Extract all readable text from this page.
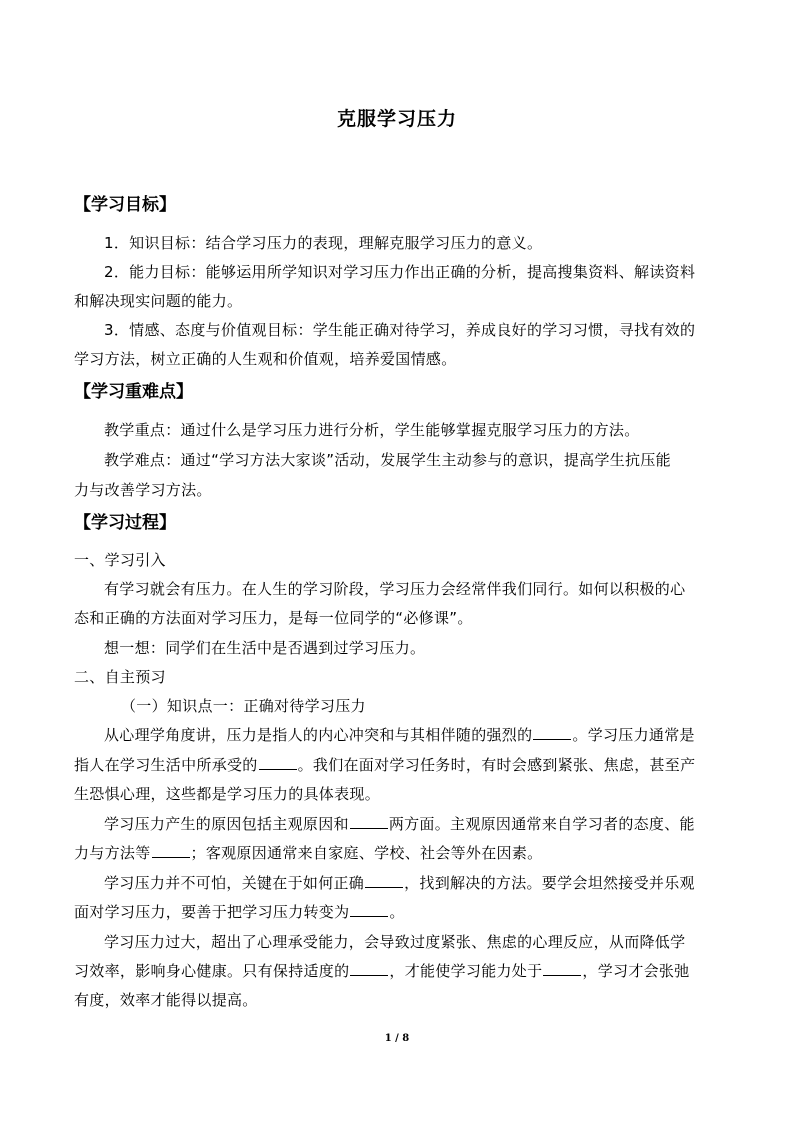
克服学习压力
【学习目标】
1．知识目标：结合学习压力的表现，理解克服学习压力的意义。
2．能力目标：能够运用所学知识对学习压力作出正确的分析，提高搜集资料、解读资料
和解决现实问题的能力。
3．情感、态度与价值观目标：学生能正确对待学习，养成良好的学习习惯，寻找有效的
学习方法，树立正确的人生观和价值观，培养爱国情感。
【学习重难点】
教学重点：通过什么是学习压力进行分析，学生能够掌握克服学习压力的方法。
教学难点：通过“学习方法大家谈”活动，发展学生主动参与的意识，提高学生抗压能
力与改善学习方法。
【学习过程】
一、学习引入
有学习就会有压力。在人生的学习阶段，学习压力会经常伴我们同行。如何以积极的心
态和正确的方法面对学习压力，是每一位同学的“必修课”。
想一想：同学们在生活中是否遇到过学习压力。
二、自主预习
（一）知识点一：正确对待学习压力
从心理学角度讲，压力是指人的内心冲突和与其相伴随的强烈的	。学习压力通常是
指人在学习生活中所承受的	。我们在面对学习任务时，有时会感到紧张、焦虑，甚至产
生恐惧心理，这些都是学习压力的具体表现。
学习压力产生的原因包括主观原因和	两方面。主观原因通常来自学习者的态度、能
力与方法等	；客观原因通常来自家庭、学校、社会等外在因素。
学习压力并不可怕，关键在于如何正确	，找到解决的方法。要学会坦然接受并乐观
面对学习压力，要善于把学习压力转变为	。
学习压力过大，超出了心理承受能力，会导致过度紧张、焦虑的心理反应，从而降低学
习效率，影响身心健康。只有保持适度的	，才能使学习能力处于	，学习才会张弛
有度，效率才能得以提高。
1 / 8
